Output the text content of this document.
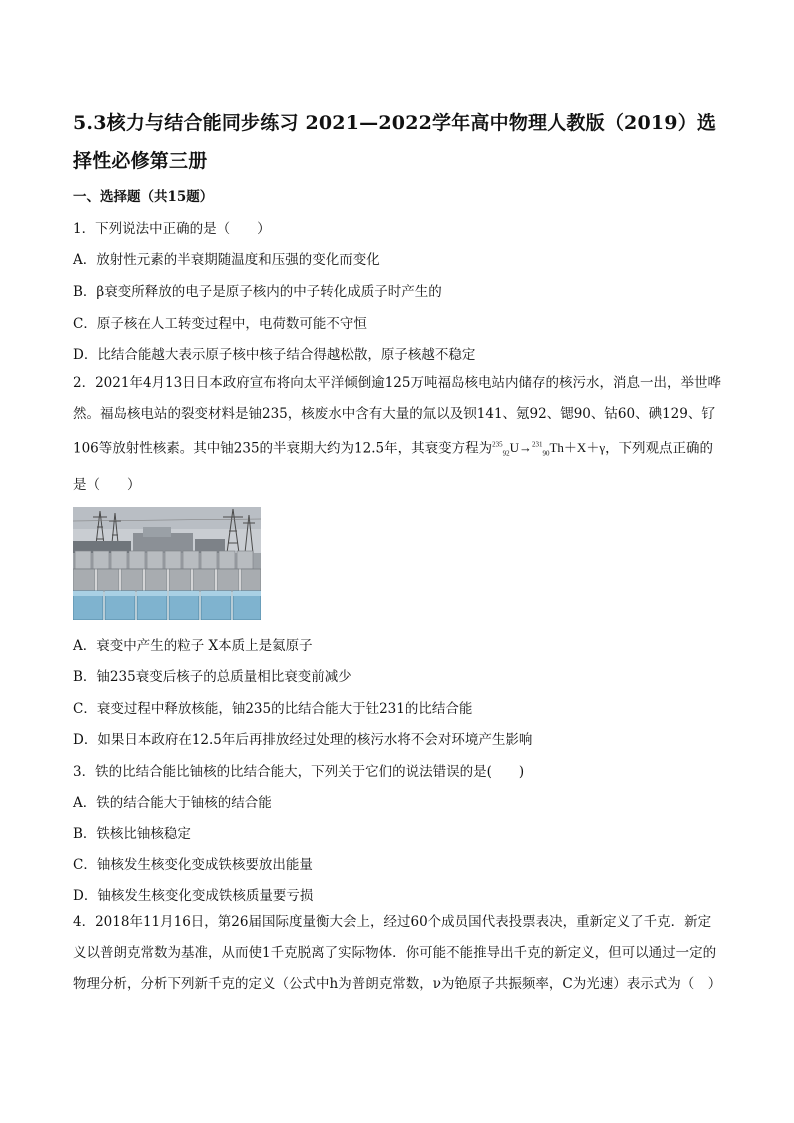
5.3核力与结合能同步练习 2021—2022学年高中物理人教版（2019）选择性必修第三册
一、选择题（共15题）
1．下列说法中正确的是（　　）
A．放射性元素的半衰期随温度和压强的变化而变化
B．β衰变所释放的电子是原子核内的中子转化成质子时产生的
C．原子核在人工转变过程中，电荷数可能不守恒
D．比结合能越大表示原子核中核子结合得越松散，原子核越不稳定
2．2021年4月13日日本政府宣布将向太平洋倾倒逾125万吨福岛核电站内储存的核污水，消息一出，举世哗然。福岛核电站的裂变材料是铀235，核废水中含有大量的氚以及钡141、氪92、锶90、钴60、碘129、钌106等放射性核素。其中铀235的半衰期大约为12.5年，其衰变方程为$^{235}_{92}$U→$^{231}_{90}$Th＋X＋γ，下列观点正确的是（　　）
A．衰变中产生的粒子 X本质上是氦原子
B．铀235衰变后核子的总质量相比衰变前减少
C．衰变过程中释放核能，铀235的比结合能大于钍231的比结合能
D．如果日本政府在12.5年后再排放经过处理的核污水将不会对环境产生影响
3．铁的比结合能比铀核的比结合能大，下列关于它们的说法错误的是(　　)
A．铁的结合能大于铀核的结合能
B．铁核比铀核稳定
C．铀核发生核变化变成铁核要放出能量
D．铀核发生核变化变成铁核质量要亏损
4．2018年11月16日，第26届国际度量衡大会上，经过60个成员国代表投票表决，重新定义了千克．新定义以普朗克常数为基准，从而使1千克脱离了实际物体．你可能不能推导出千克的新定义，但可以通过一定的物理分析，分析下列新千克的定义（公式中h为普朗克常数，ν为铯原子共振频率，C为光速）表示式为（　）
